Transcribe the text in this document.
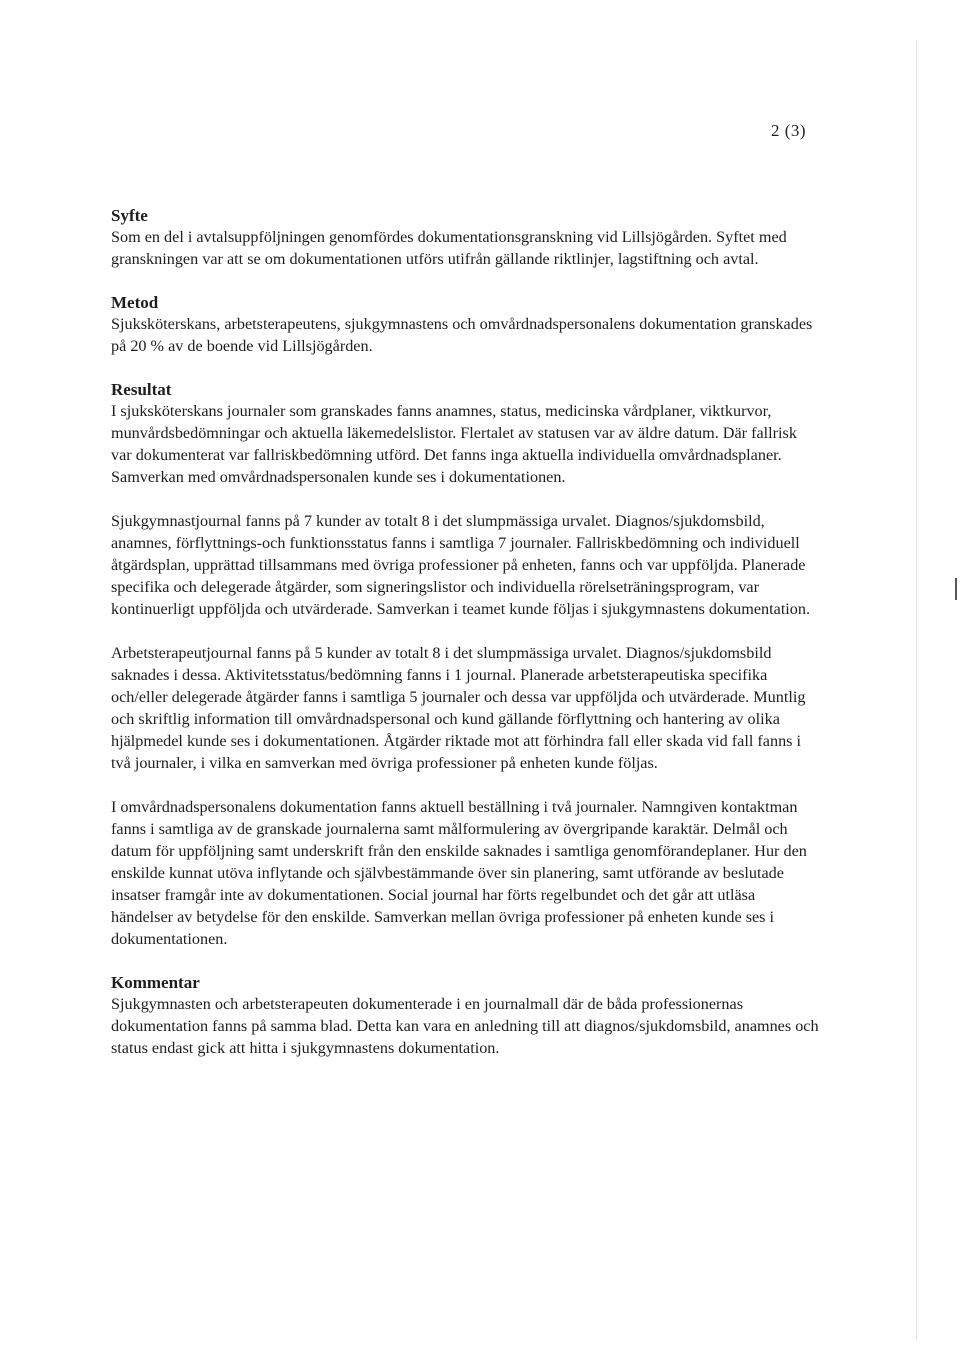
2 (3)
Syfte

Som en del i avtalsuppföljningen genomfördes dokumentationsgranskning vid Lillsjögården. Syftet med granskningen var att se om dokumentationen utförs utifrån gällande riktlinjer, lagstiftning och avtal.

Metod

Sjuksköterskans, arbetsterapeutens, sjukgymnastens och omvårdnadspersonalens dokumentation granskades på 20 % av de boende vid Lillsjögården.

Resultat

I sjuksköterskans journaler som granskades fanns anamnes, status, medicinska vårdplaner, viktkurvor, munvårdsbedömningar och aktuella läkemedelslistor. Flertalet av statusen var av äldre datum. Där fallrisk var dokumenterat var fallriskbedömning utförd. Det fanns inga aktuella individuella omvårdnadsplaner. Samverkan med omvårdnadspersonalen kunde ses i dokumentationen.

Sjukgymnastjournal fanns på 7 kunder av totalt 8 i det slumpmässiga urvalet. Diagnos/sjukdomsbild, anamnes, förflyttnings-och funktionsstatus fanns i samtliga 7 journaler. Fallriskbedömning och individuell åtgärdsplan, upprättad tillsammans med övriga professioner på enheten, fanns och var uppföljda. Planerade specifika och delegerade åtgärder, som signeringslistor och individuella rörelseträningsprogram, var kontinuerligt uppföljda och utvärderade. Samverkan i teamet kunde följas i sjukgymnastens dokumentation.

Arbetsterapeutjournal fanns på 5 kunder av totalt 8 i det slumpmässiga urvalet. Diagnos/sjukdomsbild saknades i dessa. Aktivitetsstatus/bedömning fanns i 1 journal. Planerade arbetsterapeutiska specifika och/eller delegerade åtgärder fanns i samtliga 5 journaler och dessa var uppföljda och utvärderade. Muntlig och skriftlig information till omvårdnadspersonal och kund gällande förflyttning och hantering av olika hjälpmedel kunde ses i dokumentationen. Åtgärder riktade mot att förhindra fall eller skada vid fall fanns i två journaler, i vilka en samverkan med övriga professioner på enheten kunde följas.

I omvårdnadspersonalens dokumentation fanns aktuell beställning i två journaler. Namngiven kontaktman fanns i samtliga av de granskade journalerna samt målformulering av övergripande karaktär. Delmål och datum för uppföljning samt underskrift från den enskilde saknades i samtliga genomförandeplaner. Hur den enskilde kunnat utöva inflytande och självbestämmande över sin planering, samt utförande av beslutade insatser framgår inte av dokumentationen. Social journal har förts regelbundet och det går att utläsa händelser av betydelse för den enskilde. Samverkan mellan övriga professioner på enheten kunde ses i dokumentationen.

Kommentar

Sjukgymnasten och arbetsterapeuten dokumenterade i en journalmall där de båda professionernas dokumentation fanns på samma blad. Detta kan vara en anledning till att diagnos/sjukdomsbild, anamnes och status endast gick att hitta i sjukgymnastens dokumentation.
